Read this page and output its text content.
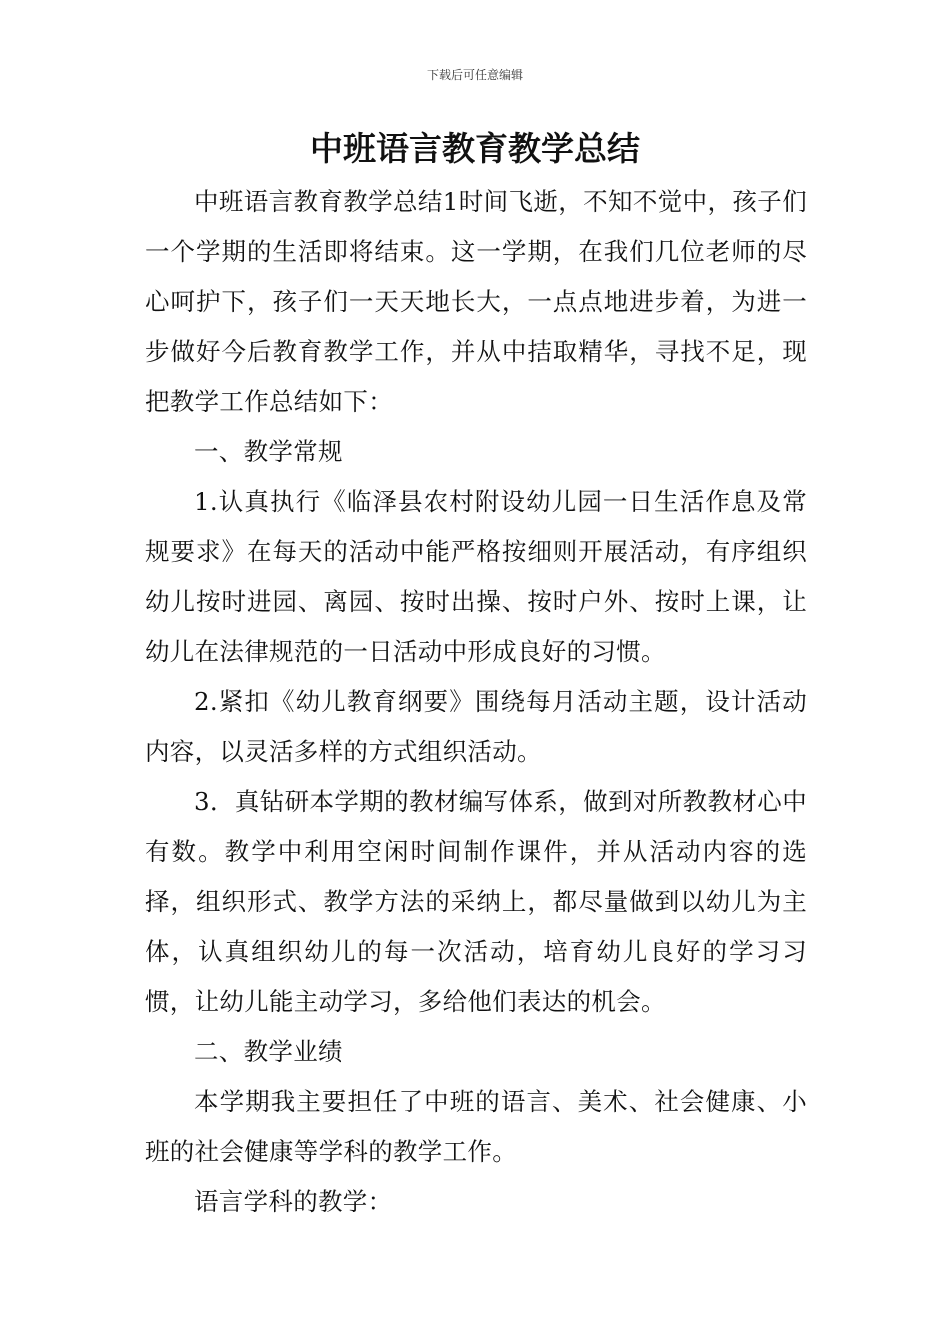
下载后可任意编辑
中班语言教育教学总结

中班语言教育教学总结1时间飞逝，不知不觉中，孩子们一个学期的生活即将结束。这一学期，在我们几位老师的尽心呵护下，孩子们一天天地长大，一点点地进步着，为进一步做好今后教育教学工作，并从中拮取精华，寻找不足，现把教学工作总结如下：

一、教学常规

1.认真执行《临泽县农村附设幼儿园一日生活作息及常规要求》在每天的活动中能严格按细则开展活动，有序组织幼儿按时进园、离园、按时出操、按时户外、按时上课，让幼儿在法律规范的一日活动中形成良好的习惯。

2.紧扣《幼儿教育纲要》围绕每月活动主题，设计活动内容，以灵活多样的方式组织活动。

3．真钻研本学期的教材编写体系，做到对所教教材心中有数。教学中利用空闲时间制作课件，并从活动内容的选择，组织形式、教学方法的采纳上，都尽量做到以幼儿为主体，认真组织幼儿的每一次活动，培育幼儿良好的学习习惯，让幼儿能主动学习，多给他们表达的机会。

二、教学业绩

本学期我主要担任了中班的语言、美术、社会健康、小班的社会健康等学科的教学工作。

语言学科的教学：
